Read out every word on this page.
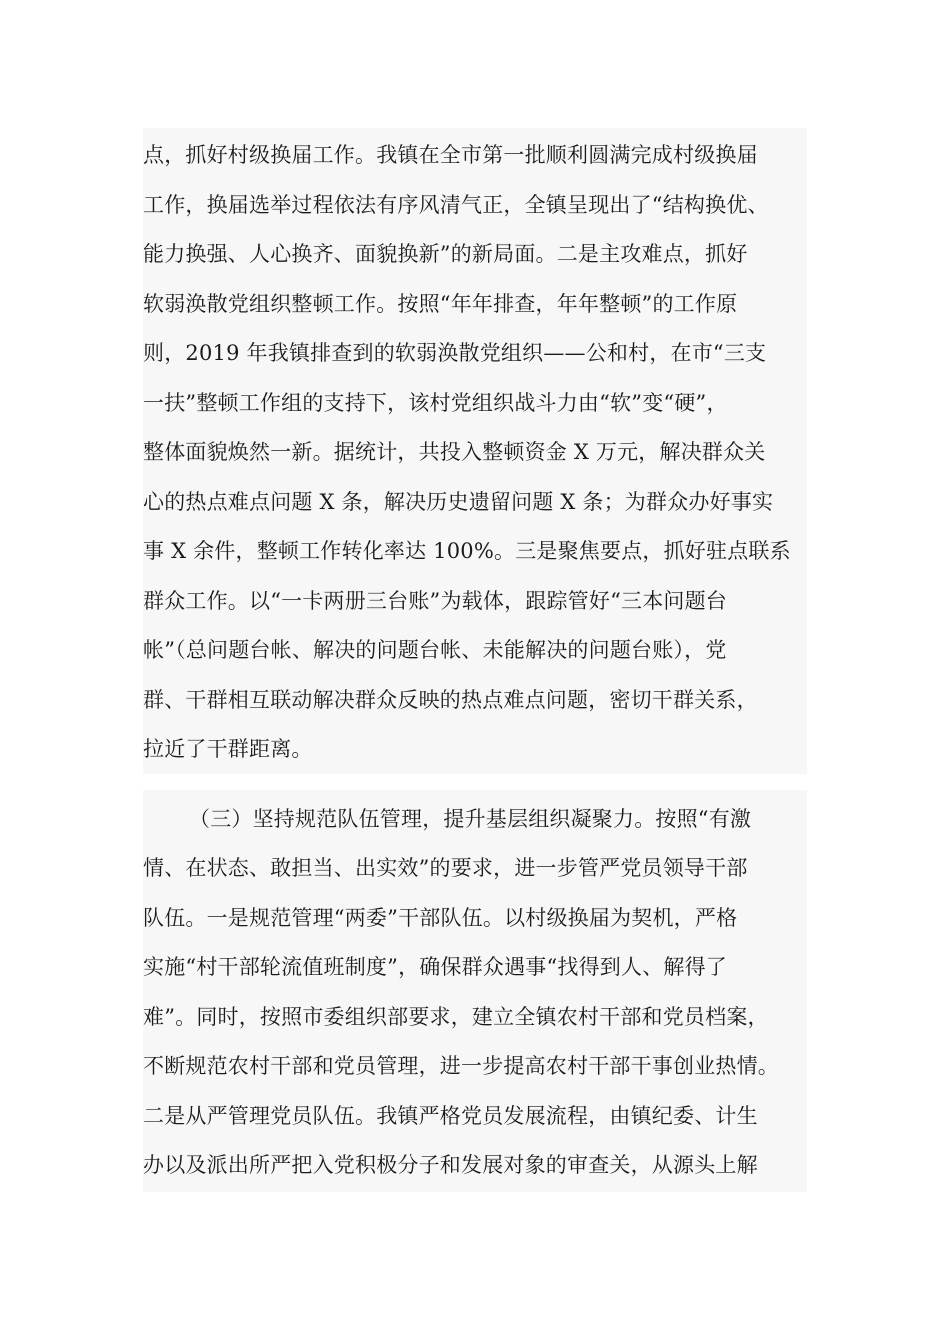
点，抓好村级换届工作。我镇在全市第一批顺利圆满完成村级换届
工作，换届选举过程依法有序风清气正，全镇呈现出了“结构换优、
能力换强、人心换齐、面貌换新”的新局面。二是主攻难点，抓好
软弱涣散党组织整顿工作。按照“年年排查，年年整顿”的工作原
则，2019 年我镇排查到的软弱涣散党组织——公和村，在市“三支
一扶”整顿工作组的支持下，该村党组织战斗力由“软”变“硬”，
整体面貌焕然一新。据统计，共投入整顿资金 X 万元，解决群众关
心的热点难点问题 X 条，解决历史遗留问题 X 条；为群众办好事实
事 X 余件，整顿工作转化率达 100%。三是聚焦要点，抓好驻点联系
群众工作。以“一卡两册三台账”为载体，跟踪管好“三本问题台
帐”（总问题台帐、解决的问题台帐、未能解决的问题台账），党
群、干群相互联动解决群众反映的热点难点问题，密切干群关系，
拉近了干群距离。
（三）坚持规范队伍管理，提升基层组织凝聚力。按照“有激
情、在状态、敢担当、出实效”的要求，进一步管严党员领导干部
队伍。一是规范管理“两委”干部队伍。以村级换届为契机，严格
实施“村干部轮流值班制度”，确保群众遇事“找得到人、解得了
难”。同时，按照市委组织部要求，建立全镇农村干部和党员档案，
不断规范农村干部和党员管理，进一步提高农村干部干事创业热情。
二是从严管理党员队伍。我镇严格党员发展流程，由镇纪委、计生
办以及派出所严把入党积极分子和发展对象的审查关，从源头上解
